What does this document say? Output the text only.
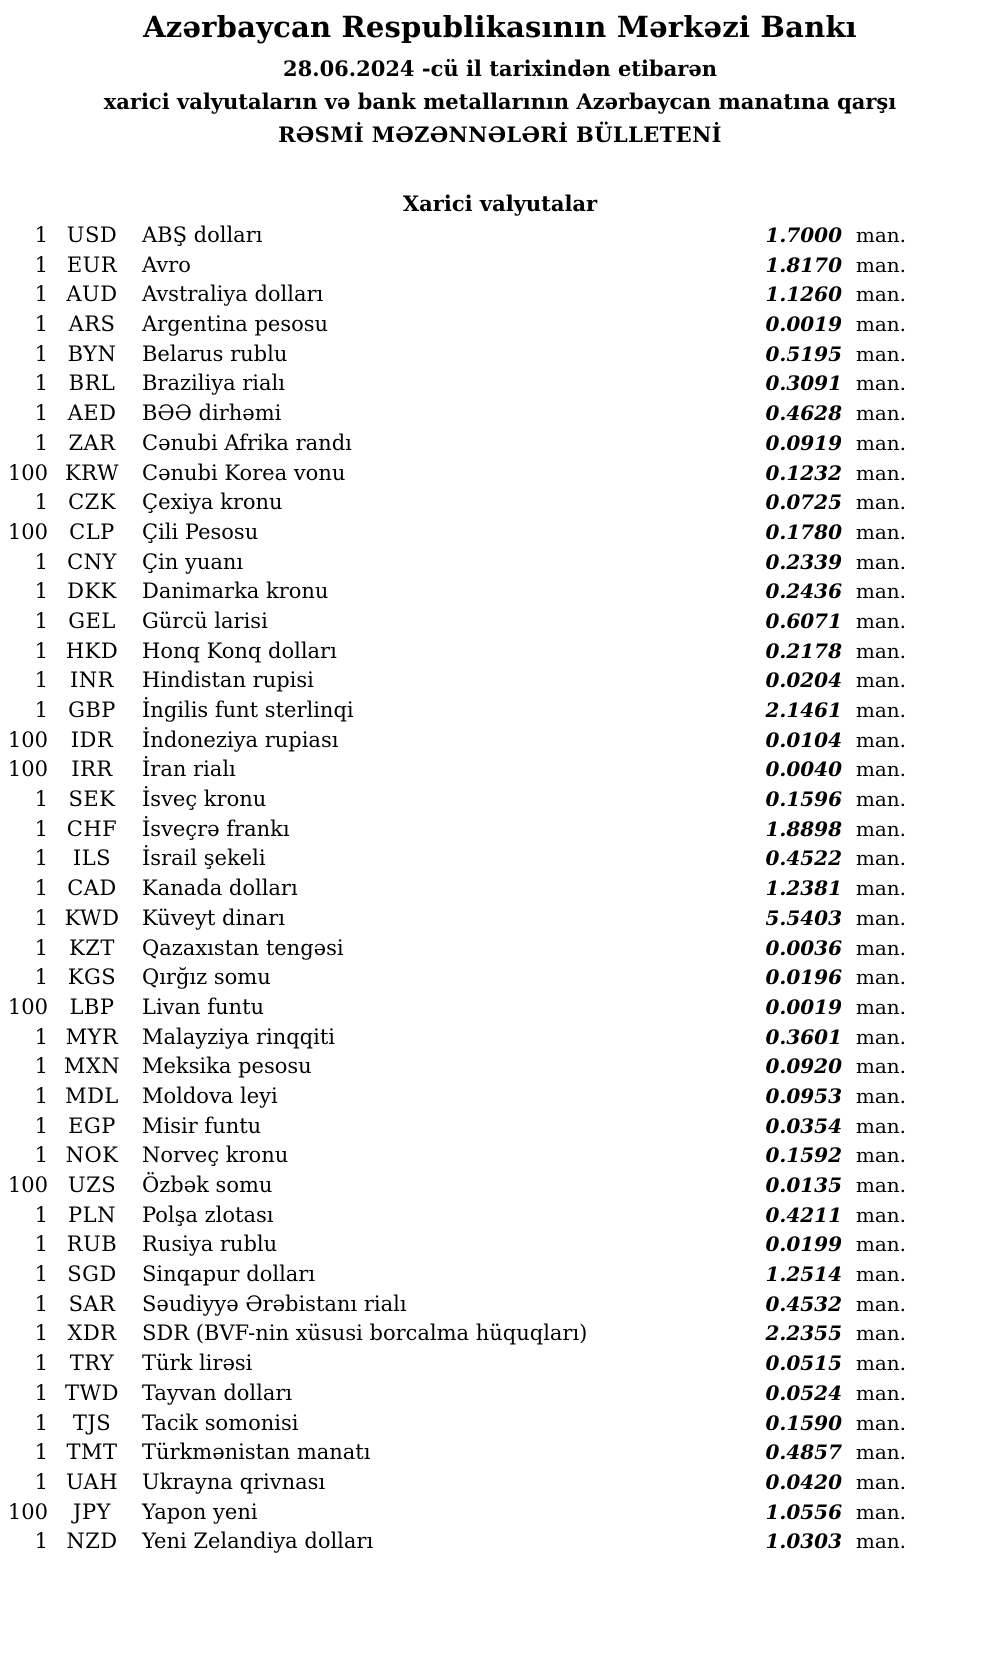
Azərbaycan Respublikasının Mərkəzi Bankı
28.06.2024 -cü il tarixindən etibarən
xarici valyutaların və bank metallarının Azərbaycan manatına qarşı
RƏSMİ MƏZƏNNƏLƏRİ BÜLLETENİ
Xarici valyutalar
1 USD	ABŞ dolları	1.7000 man.
1 EUR	Avro	1.8170 man.
1 AUD	Avstraliya dolları	1.1260 man.
1 ARS	Argentina pesosu	0.0019 man.
1 BYN	Belarus rublu	0.5195 man.
1 BRL	Braziliya rialı	0.3091 man.
1 AED	BƏƏ dirhəmi	0.4628 man.
1 ZAR	Cənubi Afrika randı	0.0919 man.
100 KRW	Cənubi Korea vonu	0.1232 man.
1 CZK	Çexiya kronu	0.0725 man.
100	CLP	Çili Pesosu	0.1780 man.
1 CNY	Çin yuanı	0.2339 man.
1 DKK	Danimarka kronu	0.2436 man.
1 GEL	Gürcü larisi	0.6071 man.
1 HKD	Honq Konq dolları	0.2178 man.
1	INR	Hindistan rupisi	0.0204 man.
1 GBP	İngilis funt sterlinqi	2.1461 man.
100	IDR	İndoneziya rupiası	0.0104 man.
100	IRR	İran rialı	0.0040 man.
1 SEK	İsveç kronu	0.1596 man.
1 CHF	İsveçrə frankı	1.8898 man.
1	ILS	İsrail şekeli	0.4522 man.
1 CAD	Kanada dolları	1.2381 man.
1 KWD	Küveyt dinarı	5.5403 man.
1	KZT	Qazaxıstan tengəsi	0.0036 man.
1 KGS	Qırğız somu	0.0196 man.
100	LBP	Livan funtu	0.0019 man.
1 MYR	Malayziya rinqqiti	0.3601 man.
1 MXN	Meksika pesosu	0.0920 man.
1 MDL	Moldova leyi	0.0953 man.
1 EGP	Misir funtu	0.0354 man.
1 NOK	Norveç kronu	0.1592 man.
100 UZS	Özbək somu	0.0135 man.
1 PLN	Polşa zlotası	0.4211 man.
1 RUB	Rusiya rublu	0.0199 man.
1 SGD	Sinqapur dolları	1.2514 man.
1 SAR	Səudiyyə Ərəbistanı rialı	0.4532 man.
1 XDR	SDR (BVF-nin xüsusi borcalma hüquqları)	2.2355 man.
1	TRY	Türk lirəsi	0.0515 man.
1 TWD	Tayvan dolları	0.0524 man.
1	TJS	Tacik somonisi	0.1590 man.
1 TMT	Türkmənistan manatı	0.4857 man.
1 UAH	Ukrayna qrivnası	0.0420 man.
100	JPY	Yapon yeni	1.0556 man.
1 NZD	Yeni Zelandiya dolları	1.0303 man.
